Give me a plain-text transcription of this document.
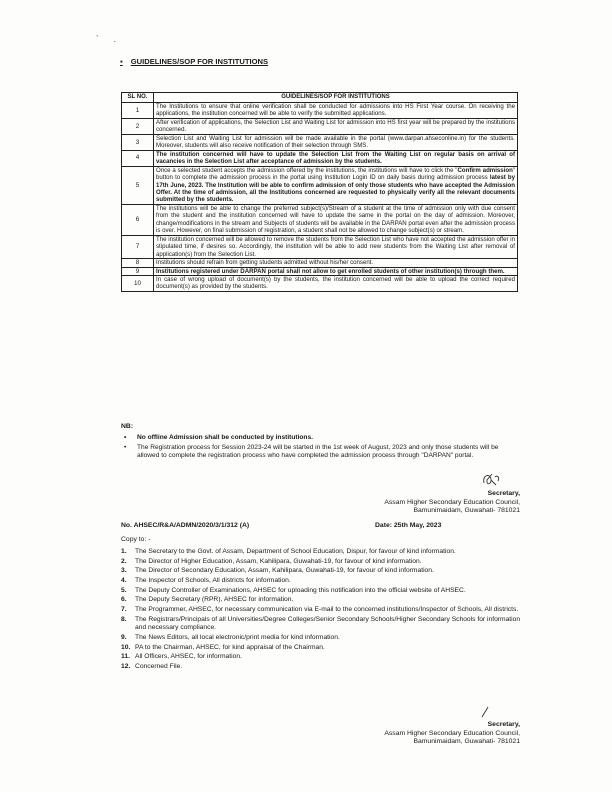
` .
▪ GUIDELINES/SOP FOR INSTITUTIONS
SL NO.	GUIDELINES/SOP FOR INSTITUTIONS
1	The Institutions to ensure that online verification shall be conducted for admissions into HS First Year course. On receiving the applications, the institution concerned will be able to verify the submitted applications.
2	After verification of applications, the Selection List and Waiting List for admission into HS first year will be prepared by the institutions concerned.
3	Selection List and Waiting List for admission will be made available in the portal (www.darpan.ahseconline.in) for the students. Moreover, students will also receive notification of their selection through SMS.
4	The institution concerned will have to update the Selection List from the Waiting List on regular basis on arrival of vacancies in the Selection List after acceptance of admission by the students.
5	Once a selected student accepts the admission offered by the institutions, the institutions will have to click the "Confirm admission" button to complete the admission process in the portal using Institution Login ID on daily basis during admission process latest by 17th June, 2023. The Institution will be able to confirm admission of only those students who have accepted the Admission Offer. At the time of admission, all the Institutions concerned are requested to physically verify all the relevant documents submitted by the students.
6	The institutions will be able to change the preferred subject(s)/Stream of a student at the time of admission only with due consent from the student and the institution concerned will have to update the same in the portal on the day of admission. Moreover, change/modifications in the stream and Subjects of students will be available in the DARPAN portal even after the admission process is over. However, on final submission of registration, a student shall not be allowed to change subject(s) or stream.
7	The institution concerned will be allowed to remove the students from the Selection List who have not accepted the admission offer in stipulated time, if desires so. Accordingly, the institution will be able to add new students from the Waiting List after removal of application(s) from the Selection List.
8	Institutions should refrain from getting students admitted without his/her consent.
9	Institutions registered under DARPAN portal shall not allow to get enrolled students of other institution(s) through them.
10	In case of wrong upload of document(s) by the students, the institution concerned will be able to upload the correct required document(s) as provided by the students.
NB:
• No offline Admission shall be conducted by institutions.
• The Registration process for Session 2023-24 will be started in the 1st week of August, 2023 and only those students will be allowed to complete the registration process who have completed the admission process through "DARPAN" portal.
Secretary,
Assam Higher Secondary Education Council,
Bamunimaidam, Guwahati- 781021
No. AHSEC/R&A/ADMN/2020/3/1/312 (A)	Date: 25th May, 2023
Copy to: -
1. The Secretary to the Govt. of Assam, Department of School Education, Dispur, for favour of kind information.
2. The Director of Higher Education, Assam, Kahilipara, Guwahati-19, for favour of kind information.
3. The Director of Secondary Education, Assam, Kahilipara, Guwahati-19, for favour of kind information.
4. The Inspector of Schools, All districts for information.
5. The Deputy Controller of Examinations, AHSEC for uploading this notification into the official website of AHSEC.
6. The Deputy Secretary (RPR), AHSEC for information.
7. The Programmer, AHSEC, for necessary communication via E-mail to the concerned institutions/Inspector of Schools, All districts.
8. The Registrars/Principals of all Universities/Degree Colleges/Senior Secondary Schools/Higher Secondary Schools for information and necessary compliance.
9. The News Editors, all local electronic/print media for kind information.
10. PA to the Chairman, AHSEC, for kind appraisal of the Chairman.
11. All Officers, AHSEC, for information.
12. Concerned File.
Secretary,
Assam Higher Secondary Education Council,
Bamunimaidam, Guwahati- 781021
